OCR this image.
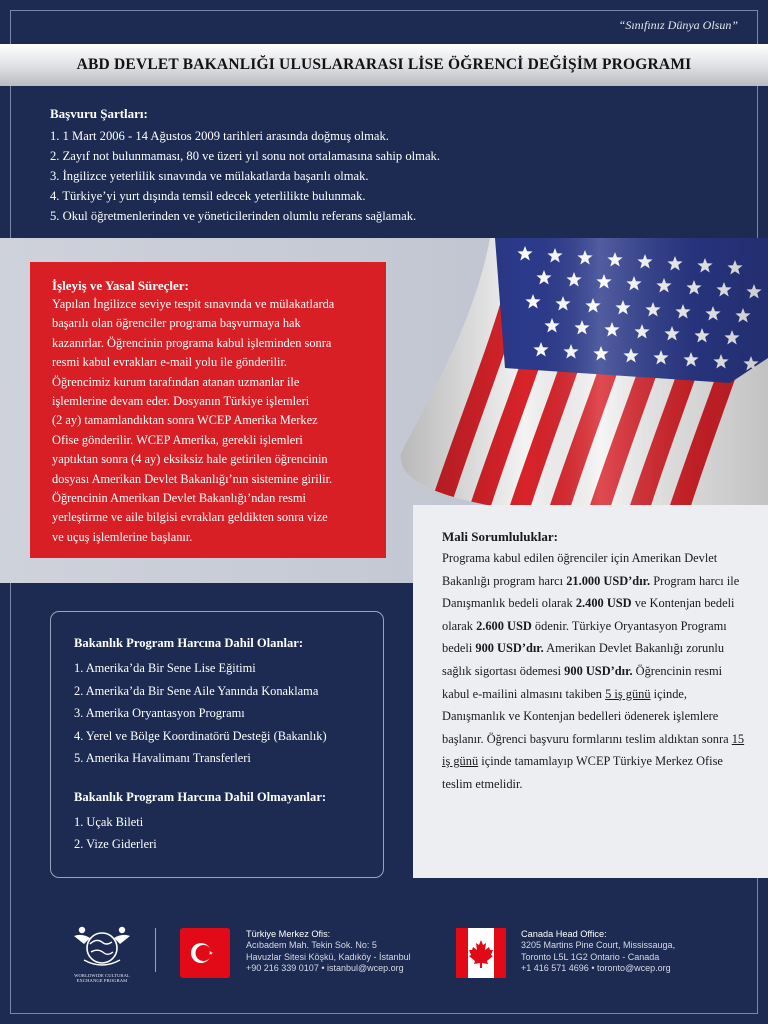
“Sınıfınız Dünya Olsun”
ABD DEVLET BAKANLIĞI ULUSLARARASI LİSE ÖĞRENCİ DEĞİŞİM PROGRAMI
Başvuru Şartları:
1. 1 Mart 2006 - 14 Ağustos 2009 tarihleri arasında doğmuş olmak.
2. Zayıf not bulunmaması, 80 ve üzeri yıl sonu not ortalamasına sahip olmak.
3. İngilizce yeterlilik sınavında ve mülakatlarda başarılı olmak.
4. Türkiye’yi yurt dışında temsil edecek yeterlilikte bulunmak.
5. Okul öğretmenlerinden ve yöneticilerinden olumlu referans sağlamak.
İşleyiş ve Yasal Süreçler:

Yapılan İngilizce seviye tespit sınavında ve mülakatlarda
başarılı olan öğrenciler programa başvurmaya hak
kazanırlar. Öğrencinin programa kabul işleminden sonra
resmi kabul evrakları e-mail yolu ile gönderilir.
Öğrencimiz kurum tarafından atanan uzmanlar ile
işlemlerine devam eder. Dosyanın Türkiye işlemleri
(2 ay) tamamlandıktan sonra WCEP Amerika Merkez
Ofise gönderilir. WCEP Amerika, gerekli işlemleri
yaptıktan sonra (4 ay) eksiksiz hale getirilen öğrencinin
dosyası Amerikan Devlet Bakanlığı’nın sistemine girilir.
Öğrencinin Amerikan Devlet Bakanlığı’ndan resmi
yerleştirme ve aile bilgisi evrakları geldikten sonra vize
ve uçuş işlemlerine başlanır.	Mali Sorumluluklar:

Programa kabul edilen öğrenciler için Amerikan Devlet Bakanlığı program harcı 21.000 USD’dır. Program harcı ile Danışmanlık bedeli olarak 2.400 USD ve Kontenjan bedeli olarak 2.600 USD ödenir. Türkiye Oryantasyon Programı bedeli 900 USD’dır. Amerikan Devlet Bakanlığı zorunlu sağlık sigortası ödemesi 900 USD’dır. Öğrencinin resmi kabul e-mailini almasını takiben 5 iş günü içinde, Danışmanlık ve Kontenjan bedelleri ödenerek işlemlere başlanır. Öğrenci başvuru formlarını teslim aldıktan sonra 15 iş günü içinde tamamlayıp WCEP Türkiye Merkez Ofise teslim etmelidir.

Bakanlık Program Harcına Dahil Olanlar:
1. Amerika’da Bir Sene Lise Eğitimi
2. Amerika’da Bir Sene Aile Yanında Konaklama
3. Amerika Oryantasyon Programı
4. Yerel ve Bölge Koordinatörü Desteği (Bakanlık)
5. Amerika Havalimanı Transferleri
Bakanlık Program Harcına Dahil Olmayanlar:
1. Uçak Bileti
2. Vize Giderleri
WORLDWIDE CULTURAL
EXCHANGE PROGRAM
Türkiye Merkez Ofis:
Acıbadem Mah. Tekin Sok. No: 5
Havuzlar Sitesi Köşkü, Kadıköy - İstanbul
+90 216 339 0107 • istanbul@wcep.org
Canada Head Office:
3205 Martins Pine Court, Mississauga,
Toronto L5L 1G2 Ontario - Canada
+1 416 571 4696 • toronto@wcep.org
